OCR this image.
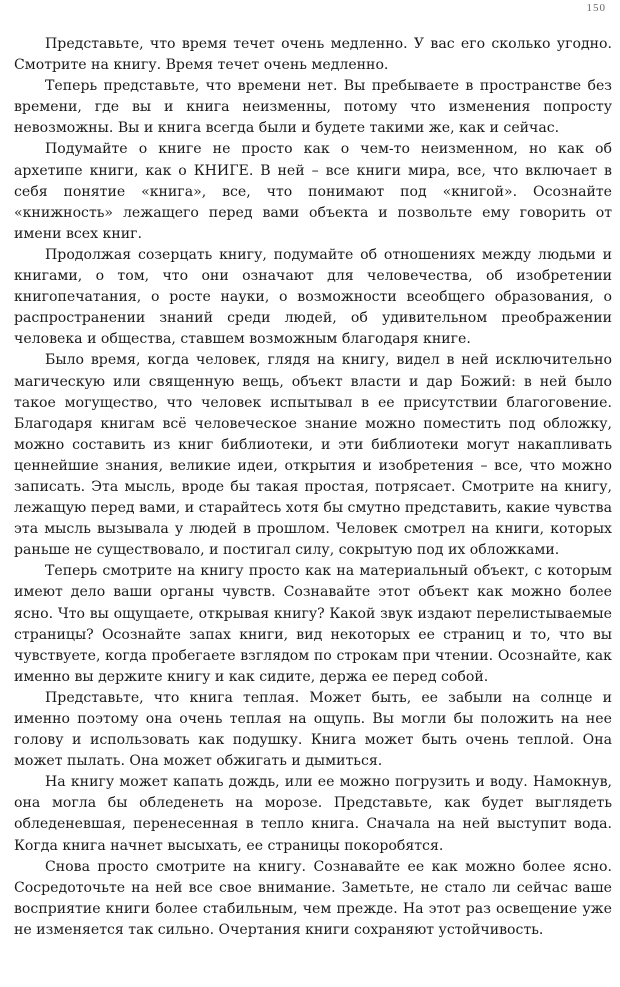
150

Представьте, что время течет очень медленно. У вас его сколько угодно. Смотрите на книгу. Время течет очень медленно.

Теперь представьте, что времени нет. Вы пребываете в пространстве без времени, где вы и книга неизменны, потому что изменения попросту невозможны. Вы и книга всегда были и будете такими же, как и сейчас.

Подумайте о книге не просто как о чем-то неизменном, но как об архетипе книги, как о КНИГЕ. В ней – все книги мира, все, что включает в себя понятие «книга», все, что понимают под «книгой». Осознайте «книжность» лежащего перед вами объекта и позвольте ему говорить от имени всех книг.

Продолжая созерцать книгу, подумайте об отношениях между людьми и книгами, о том, что они означают для человечества, об изобретении книгопечатания, о росте науки, о возможности всеобщего образования, о распространении знаний среди людей, об удивительном преображении человека и общества, ставшем возможным благодаря книге.

Было время, когда человек, глядя на книгу, видел в ней исключительно магическую или священную вещь, объект власти и дар Божий: в ней было такое могущество, что человек испытывал в ее присутствии благоговение. Благодаря книгам всё человеческое знание можно поместить под обложку, можно составить из книг библиотеки, и эти библиотеки могут накапливать ценнейшие знания, великие идеи, открытия и изобретения – все, что можно записать. Эта мысль, вроде бы такая простая, потрясает. Смотрите на книгу, лежащую перед вами, и старайтесь хотя бы смутно представить, какие чувства эта мысль вызывала у людей в прошлом. Человек смотрел на книги, которых раньше не существовало, и постигал силу, сокрытую под их обложками.

Теперь смотрите на книгу просто как на материальный объект, с которым имеют дело ваши органы чувств. Сознавайте этот объект как можно более ясно. Что вы ощущаете, открывая книгу? Какой звук издают перелистываемые страницы? Осознайте запах книги, вид некоторых ее страниц и то, что вы чувствуете, когда пробегаете взглядом по строкам при чтении. Осознайте, как именно вы держите книгу и как сидите, держа ее перед собой.

Представьте, что книга теплая. Может быть, ее забыли на солнце и именно поэтому она очень теплая на ощупь. Вы могли бы положить на нее голову и использовать как подушку. Книга может быть очень теплой. Она может пылать. Она может обжигать и дымиться.

На книгу может капать дождь, или ее можно погрузить и воду. Намокнув, она могла бы обледенеть на морозе. Представьте, как будет выглядеть обледеневшая, перенесенная в тепло книга. Сначала на ней выступит вода. Когда книга начнет высыхать, ее страницы покоробятся.

Снова просто смотрите на книгу. Сознавайте ее как можно более ясно. Сосредоточьте на ней все свое внимание. Заметьте, не стало ли сейчас ваше восприятие книги более стабильным, чем прежде. На этот раз освещение уже не изменяется так сильно. Очертания книги сохраняют устойчивость.
